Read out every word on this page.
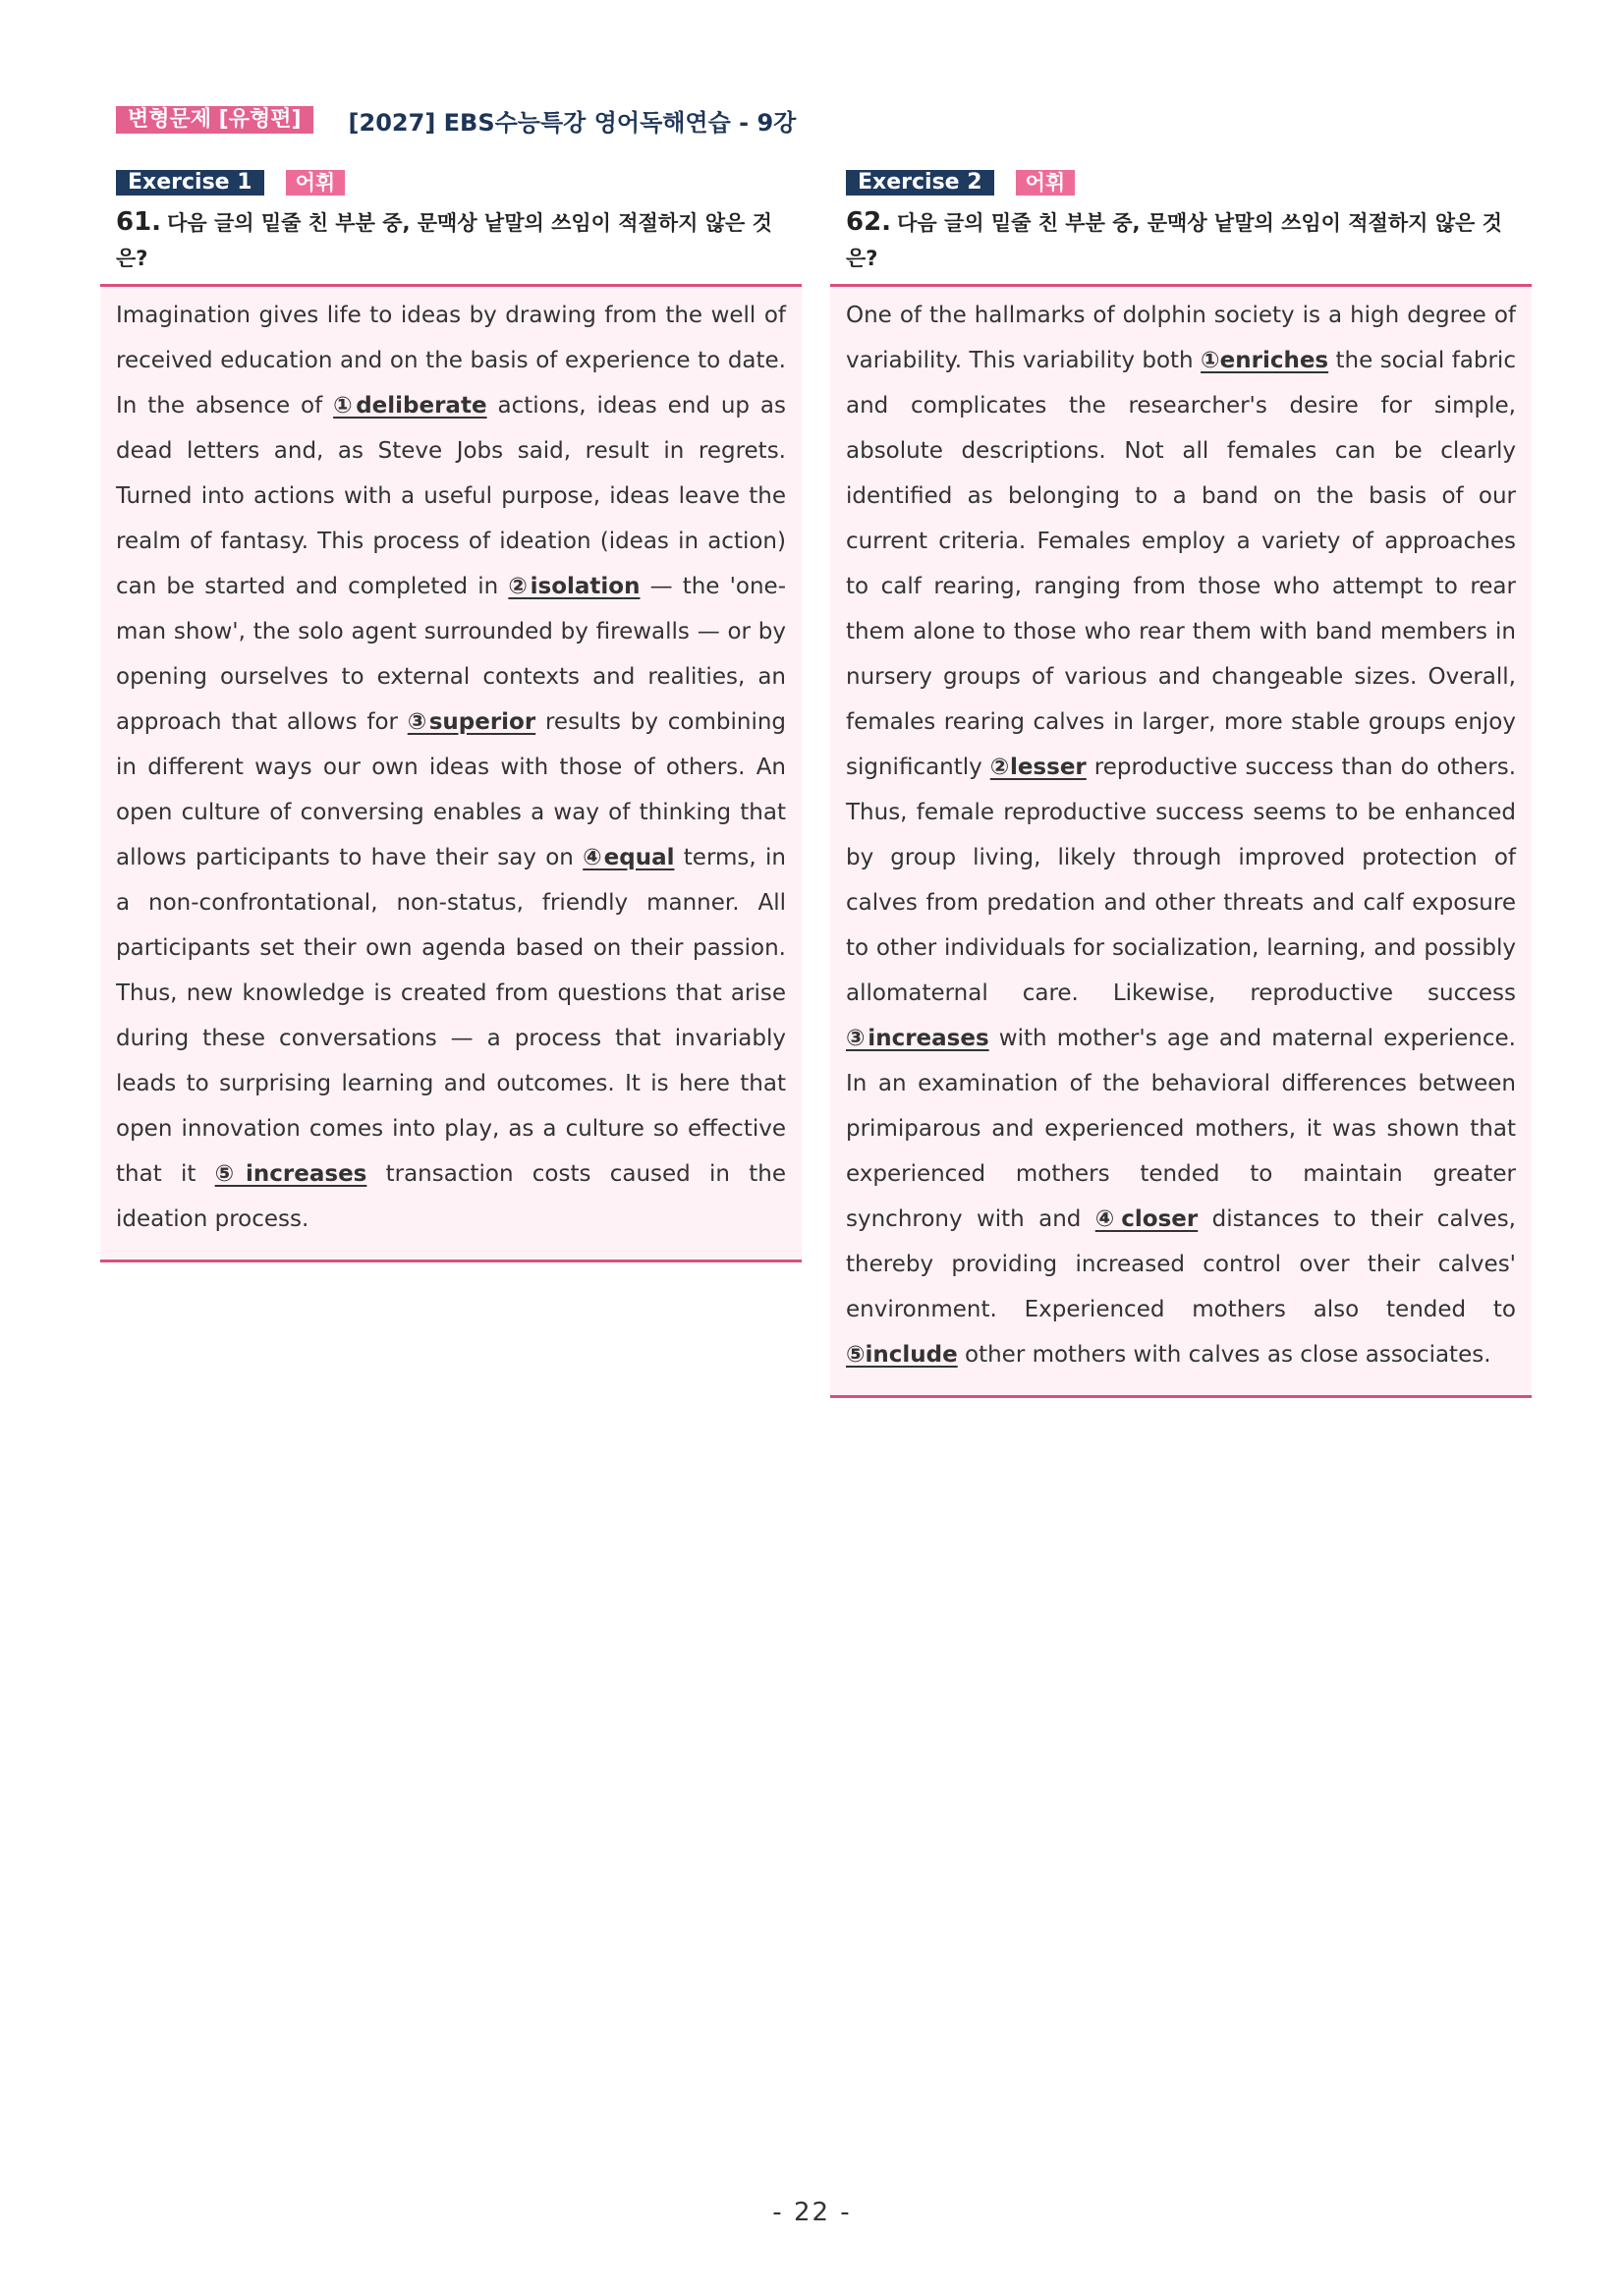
변형문제 [유형편]	[2027] EBS수능특강 영어독해연습 - 9강
Exercise 1	어휘
61. 다음 글의 밑줄 친 부분 중, 문맥상 낱말의 쓰임이 적절하지 않은 것은?
Imagination gives life to ideas by drawing from the well of received education and on the basis of experience to date. In the absence of ①deliberate actions, ideas end up as dead letters and, as Steve Jobs said, result in regrets. Turned into actions with a useful purpose, ideas leave the realm of fantasy. This process of ideation (ideas in action) can be started and completed in ②isolation — the 'one-man show', the solo agent surrounded by firewalls — or by opening ourselves to external contexts and realities, an approach that allows for ③superior results by combining in different ways our own ideas with those of others. An open culture of conversing enables a way of thinking that allows participants to have their say on ④equal terms, in a non-confrontational, non-status, friendly manner. All participants set their own agenda based on their passion. Thus, new knowledge is created from questions that arise during these conversations — a process that invariably leads to surprising learning and outcomes. It is here that open innovation comes into play, as a culture so effective that it ⑤increases transaction costs caused in the ideation process.
Exercise 2	어휘
62. 다음 글의 밑줄 친 부분 중, 문맥상 낱말의 쓰임이 적절하지 않은 것은?
One of the hallmarks of dolphin society is a high degree of variability. This variability both ①enriches the social fabric and complicates the researcher's desire for simple, absolute descriptions. Not all females can be clearly identified as belonging to a band on the basis of our current criteria. Females employ a variety of approaches to calf rearing, ranging from those who attempt to rear them alone to those who rear them with band members in nursery groups of various and changeable sizes. Overall, females rearing calves in larger, more stable groups enjoy significantly ②lesser reproductive success than do others. Thus, female reproductive success seems to be enhanced by group living, likely through improved protection of calves from predation and other threats and calf exposure to other individuals for socialization, learning, and possibly allomaternal care. Likewise, reproductive success ③increases with mother's age and maternal experience. In an examination of the behavioral differences between primiparous and experienced mothers, it was shown that experienced mothers tended to maintain greater synchrony with and ④closer distances to their calves, thereby providing increased control over their calves' environment. Experienced mothers also tended to ⑤include other mothers with calves as close associates.
- 22 -
